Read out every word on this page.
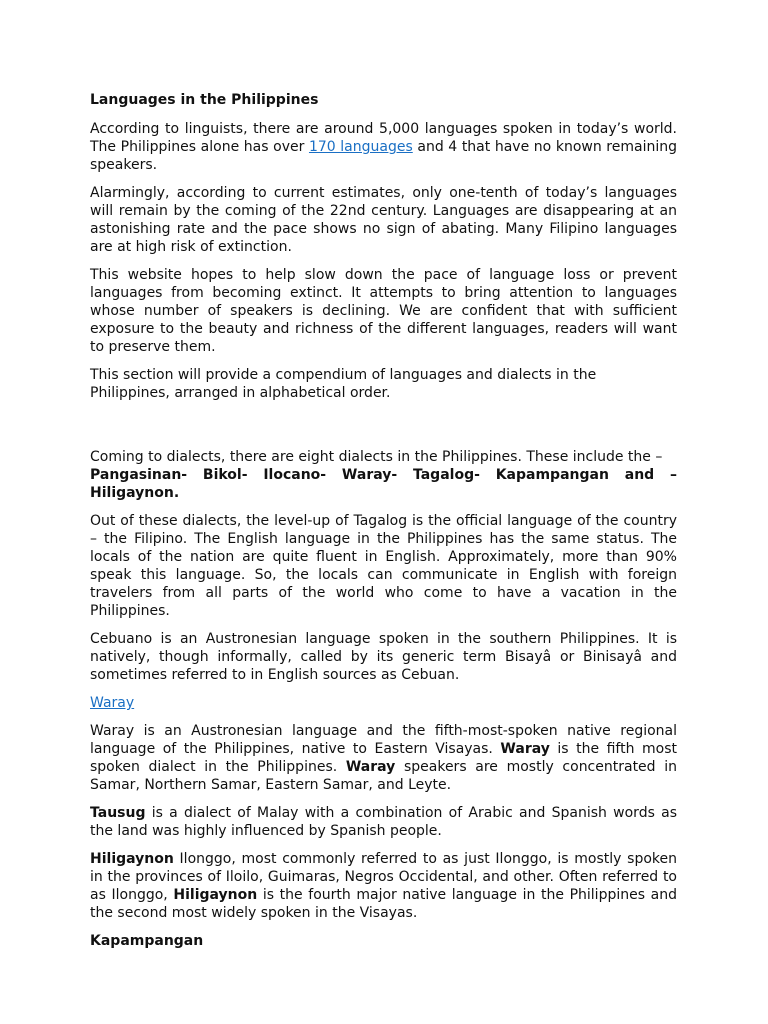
Languages in the Philippines

According to linguists, there are around 5,000 languages spoken in today’s world. The Philippines alone has over 170 languages and 4 that have no known remaining speakers.

Alarmingly, according to current estimates, only one-tenth of today’s languages will remain by the coming of the 22nd century. Languages are disappearing at an astonishing rate and the pace shows no sign of abating. Many Filipino languages are at high risk of extinction.

This website hopes to help slow down the pace of language loss or prevent languages from becoming extinct. It attempts to bring attention to languages whose number of speakers is declining. We are confident that with sufficient exposure to the beauty and richness of the different languages, readers will want to preserve them.

This section will provide a compendium of languages and dialects in the Philippines, arranged in alphabetical order.

Coming to dialects, there are eight dialects in the Philippines. These include the –

Pangasinan- Bikol- Ilocano- Waray- Tagalog- Kapampangan and –
Hiligaynon.

Out of these dialects, the level-up of Tagalog is the official language of the country – the Filipino. The English language in the Philippines has the same status. The locals of the nation are quite fluent in English. Approximately, more than 90% speak this language. So, the locals can communicate in English with foreign travelers from all parts of the world who come to have a vacation in the Philippines.

Cebuano is an Austronesian language spoken in the southern Philippines. It is natively, though informally, called by its generic term Bisayâ or Binisayâ and sometimes referred to in English sources as Cebuan.

Waray

Waray is an Austronesian language and the fifth-most-spoken native regional language of the Philippines, native to Eastern Visayas. Waray is the fifth most spoken dialect in the Philippines. Waray speakers are mostly concentrated in Samar, Northern Samar, Eastern Samar, and Leyte.

Tausug is a dialect of Malay with a combination of Arabic and Spanish words as the land was highly influenced by Spanish people.

Hiligaynon Ilonggo, most commonly referred to as just Ilonggo, is mostly spoken in the provinces of Iloilo, Guimaras, Negros Occidental, and other. Often referred to as Ilonggo, Hiligaynon is the fourth major native language in the Philippines and the second most widely spoken in the Visayas.

Kapampangan
